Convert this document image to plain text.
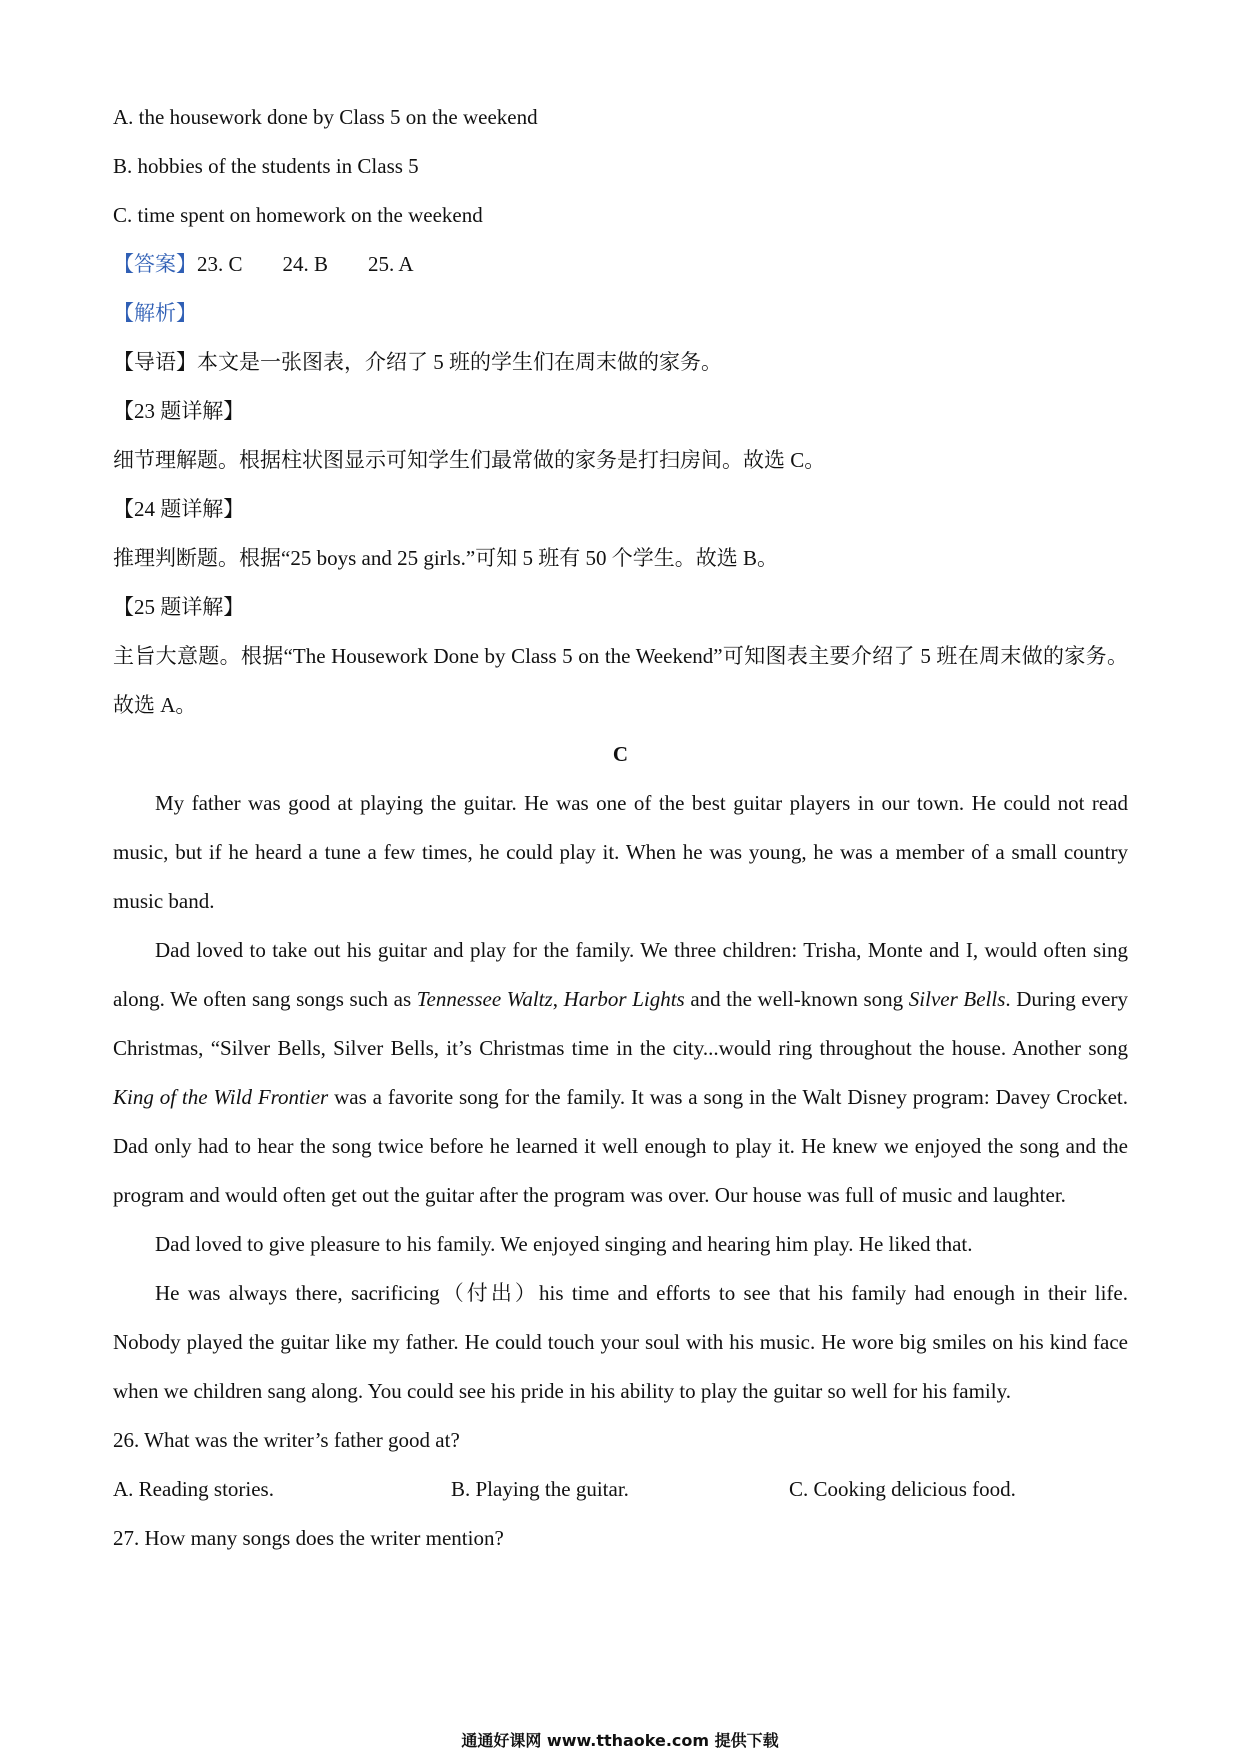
A. the housework done by Class 5 on the weekend
B. hobbies of the students in Class 5
C. time spent on homework on the weekend
【答案】23. C 24. B 25. A
【解析】
【导语】本文是一张图表，介绍了 5 班的学生们在周末做的家务。
【23 题详解】
细节理解题。根据柱状图显示可知学生们最常做的家务是打扫房间。故选 C。
【24 题详解】
推理判断题。根据“25 boys and 25 girls.”可知 5 班有 50 个学生。故选 B。
【25 题详解】
主旨大意题。根据“The Housework Done by Class 5 on the Weekend”可知图表主要介绍了 5 班在周末做的家务。故选 A。
C

My father was good at playing the guitar. He was one of the best guitar players in our town. He could not read music, but if he heard a tune a few times, he could play it. When he was young, he was a member of a small country music band.

Dad loved to take out his guitar and play for the family. We three children: Trisha, Monte and I, would often sing along. We often sang songs such as Tennessee Waltz, Harbor Lights and the well-known song Silver Bells. During every Christmas, “Silver Bells, Silver Bells, it’s Christmas time in the city...would ring throughout the house. Another song King of the Wild Frontier was a favorite song for the family. It was a song in the Walt Disney program: Davey Crocket. Dad only had to hear the song twice before he learned it well enough to play it. He knew we enjoyed the song and the program and would often get out the guitar after the program was over. Our house was full of music and laughter.

Dad loved to give pleasure to his family. We enjoyed singing and hearing him play. He liked that.

He was always there, sacrificing（付出）his time and efforts to see that his family had enough in their life. Nobody played the guitar like my father. He could touch your soul with his music. He wore big smiles on his kind face when we children sang along. You could see his pride in his ability to play the guitar so well for his family.

26. What was the writer’s father good at?
A. Reading stories.	B. Playing the guitar.	C. Cooking delicious food.
27. How many songs does the writer mention?
通通好课网 www.tthaoke.com 提供下载
